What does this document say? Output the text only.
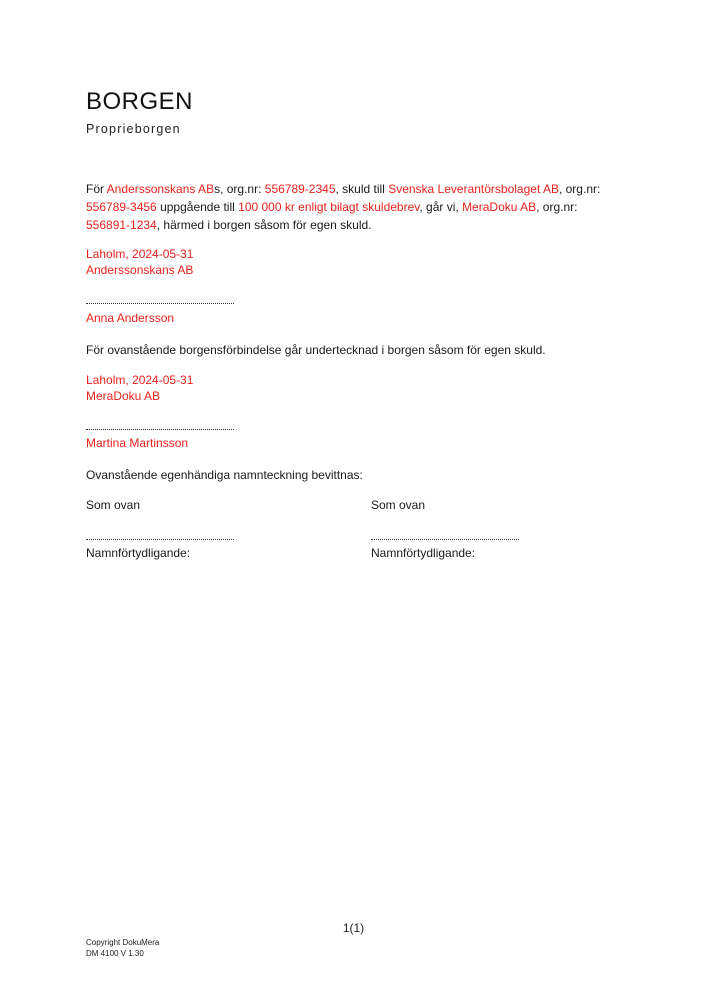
BORGEN
Proprieborgen
För Anderssonskans ABs, org.nr: 556789-2345, skuld till Svenska Leverantörsbolaget AB, org.nr:
556789-3456 uppgående till 100 000 kr enligt bilagt skuldebrev, går vi, MeraDoku AB, org.nr:
556891-1234, härmed i borgen såsom för egen skuld.
Laholm, 2024-05-31
Anderssonskans AB
Anna Andersson
För ovanstående borgensförbindelse går undertecknad i borgen såsom för egen skuld.
Laholm, 2024-05-31
MeraDoku AB
Martina Martinsson
Ovanstående egenhändiga namnteckning bevittnas:
Som ovan	Som ovan
Namnförtydligande:	Namnförtydligande:
1(1)
Copyright DokuMera
DM 4100 V 1.30
